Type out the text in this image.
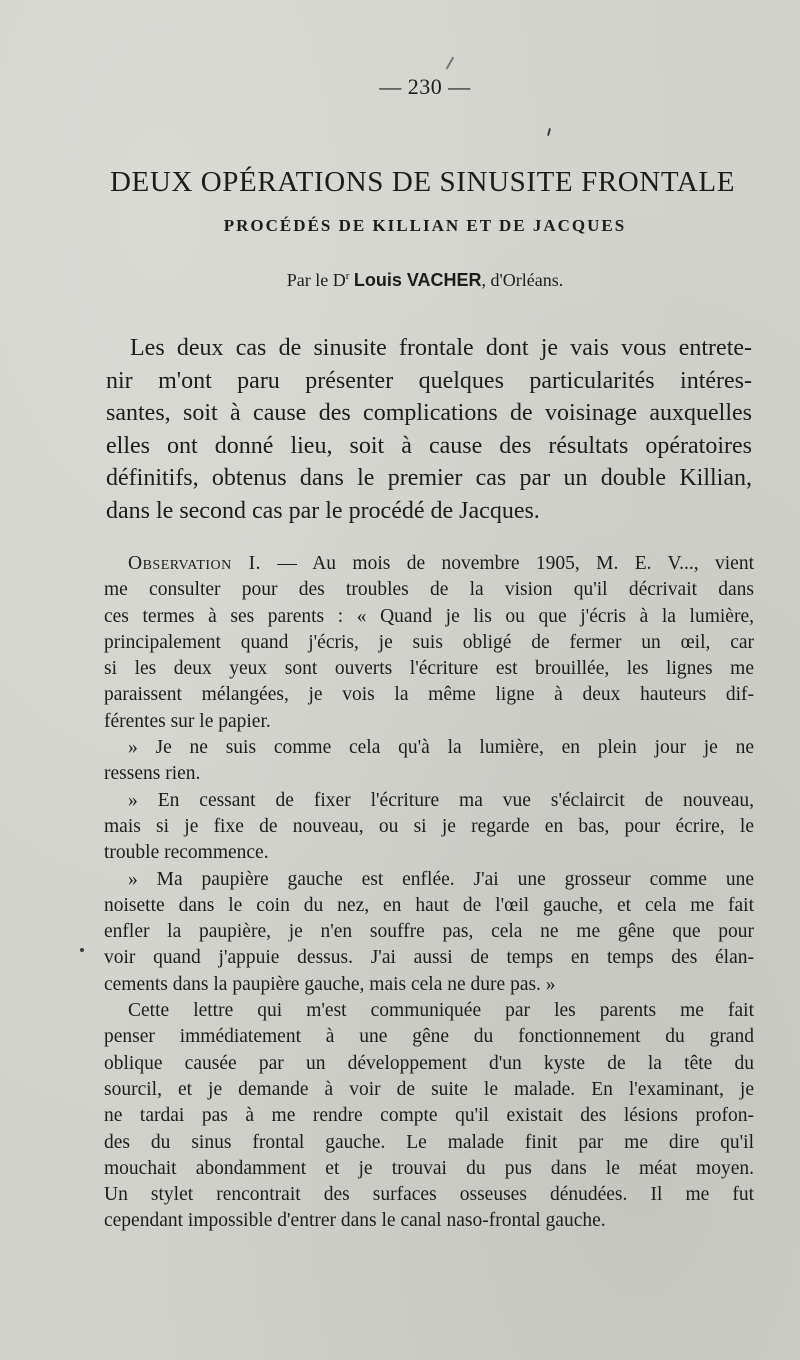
— 230 —
DEUX OPÉRATIONS DE SINUSITE FRONTALE
PROCÉDÉS DE KILLIAN ET DE JACQUES
Par le $D^r$ Louis VACHER, d'Orléans.
Les deux cas de sinusite frontale dont je vais vous entrete-
nir m'ont paru présenter quelques particularités intéres-
santes, soit à cause des complications de voisinage auxquelles
elles ont donné lieu, soit à cause des résultats opératoires
définitifs, obtenus dans le premier cas par un double Killian,
dans le second cas par le procédé de Jacques.
Observation I. — Au mois de novembre 1905, M. E. V..., vient
me consulter pour des troubles de la vision qu'il décrivait dans
ces termes à ses parents : « Quand je lis ou que j'écris à la lumière,
principalement quand j'écris, je suis obligé de fermer un œil, car
si les deux yeux sont ouverts l'écriture est brouillée, les lignes me
paraissent mélangées, je vois la même ligne à deux hauteurs dif-
férentes sur le papier.
» Je ne suis comme cela qu'à la lumière, en plein jour je ne
ressens rien.
» En cessant de fixer l'écriture ma vue s'éclaircit de nouveau,
mais si je fixe de nouveau, ou si je regarde en bas, pour écrire, le
trouble recommence.
» Ma paupière gauche est enflée. J'ai une grosseur comme une
noisette dans le coin du nez, en haut de l'œil gauche, et cela me fait
enfler la paupière, je n'en souffre pas, cela ne me gêne que pour
voir quand j'appuie dessus. J'ai aussi de temps en temps des élan-
cements dans la paupière gauche, mais cela ne dure pas. »
Cette lettre qui m'est communiquée par les parents me fait
penser immédiatement à une gêne du fonctionnement du grand
oblique causée par un développement d'un kyste de la tête du
sourcil, et je demande à voir de suite le malade. En l'examinant, je
ne tardai pas à me rendre compte qu'il existait des lésions profon-
des du sinus frontal gauche. Le malade finit par me dire qu'il
mouchait abondamment et je trouvai du pus dans le méat moyen.
Un stylet rencontrait des surfaces osseuses dénudées. Il me fut
cependant impossible d'entrer dans le canal naso-frontal gauche.
